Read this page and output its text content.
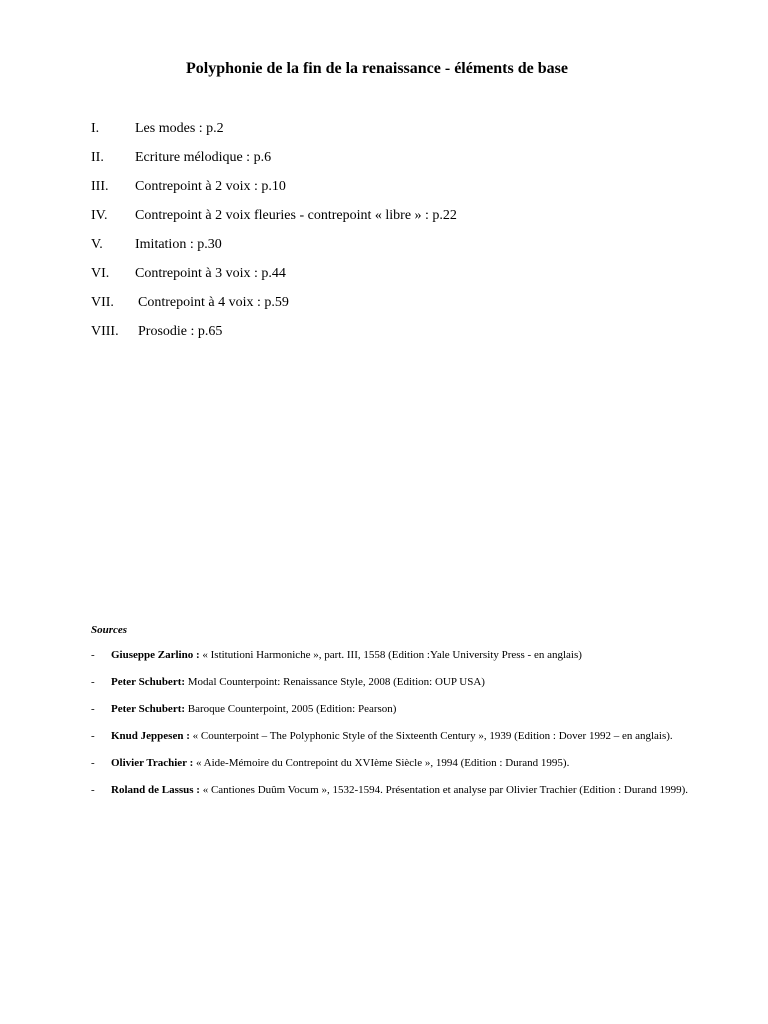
Polyphonie de la fin de la renaissance - éléments de base
I.	Les modes : p.2
II. Ecriture mélodique : p.6
III. Contrepoint à 2 voix : p.10
IV. Contrepoint à 2 voix fleuries - contrepoint « libre » : p.22
V. Imitation : p.30
VI. Contrepoint à 3 voix : p.44
VII. Contrepoint à 4 voix : p.59
VIII. Prosodie : p.65
Sources
- Giuseppe Zarlino : « Istitutioni Harmoniche », part. III, 1558 (Edition :Yale University Press - en anglais)
- Peter Schubert: Modal Counterpoint: Renaissance Style, 2008 (Edition: OUP USA)
- Peter Schubert: Baroque Counterpoint, 2005 (Edition: Pearson)
- Knud Jeppesen : « Counterpoint – The Polyphonic Style of the Sixteenth Century », 1939 (Edition : Dover 1992 – en anglais).
- Olivier Trachier : « Aide-Mémoire du Contrepoint du XVIème Siècle », 1994 (Edition : Durand 1995).
- Roland de Lassus : « Cantiones Duûm Vocum », 1532-1594. Présentation et analyse par Olivier Trachier (Edition : Durand 1999).
